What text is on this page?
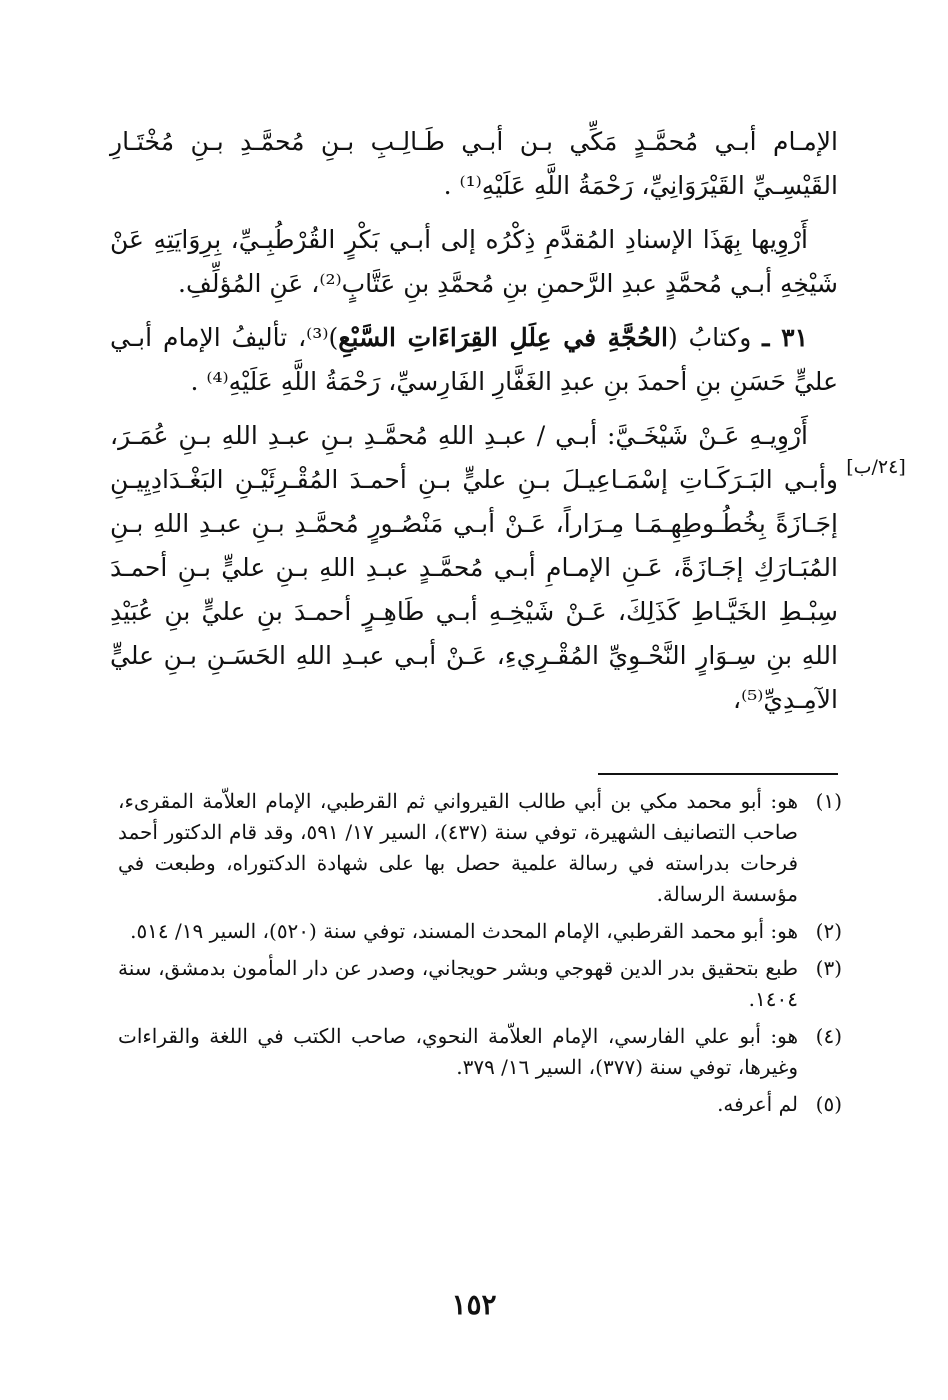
الإمـام أبـي مُحمَّـدٍ مَكِّي بـن أبـي طَـالِـبِ بـنِ مُحمَّـدِ بـنِ مُخْتَـارِ القَيْسِـيِّ القَيْرَوَانِيِّ، رَحْمَةُ اللَّهِ عَلَيْهِ⁽¹⁾ .

أَرْوِيها بِهَذَا الإسنادِ المُقدَّمِ ذِكْرُه إلى أبـي بَكْرٍ القُرْطُبِـيِّ، بِرِوَايَتِهِ عَنْ شَيْخِهِ أبـي مُحمَّدٍ عبدِ الرَّحمنِ بنِ مُحمَّدِ بنِ عَتَّابٍ⁽²⁾، عَنِ المُؤلِّفِ.

٣١ ـ وكتابُ (الحُجَّةِ في عِلَلِ القِرَاءَاتِ السَّبْعِ)⁽³⁾، تأليفُ الإمام أبـي عليٍّ حَسَنِ بنِ أحمدَ بنِ عبدِ الغَفَّارِ الفَارِسيِّ، رَحْمَةُ اللَّهِ عَلَيْهِ⁽⁴⁾ .

أَرْوِيـهِ عَـنْ شَيْخَـيَّ: أبـي / عبـدِ اللهِ مُحمَّـدِ بـنِ عبـدِ اللهِ بـنِ عُمَـرَ، وأبـي البَـرَكَـاتِ إسْمَـاعِيـلَ بـنِ عليٍّ بـنِ أحمـدَ المُقْـرِئَيْـنِ البَغْـدَادِيِيـنِ إجَـازَةً بِخُطُـوطِهِـمَـا مِـرَاراً، عَـنْ أبـي مَنْصُـورٍ مُحمَّـدِ بـنِ عبـدِ اللهِ بـنِ المُبَـارَكِ إجَـازَةً، عَـنِ الإمـامِ أبـي مُحمَّـدٍ عبـدِ اللهِ بـنِ عليٍّ بـنِ أحمـدَ سِبْـطِ الخَيَّـاطِ كَذَلِكَ، عَـنْ شَيْخِـهِ أبـي طَاهِـرٍ أحمـدَ بنِ عليٍّ بنِ عُبَيْدِ اللهِ بنِ سِـوَارٍ النَّحْـوِيِّ المُقْـرِيءِ، عَـنْ أبـي عبـدِ اللهِ الحَسَـنِ بـنِ عليٍّ الآمِـدِيِّ⁽⁵⁾،

[٢٤/ب]

(١)
هو: أبو محمد مكي بن أبي طالب القيرواني ثم القرطبي، الإمام العلاّمة المقرىء، صاحب التصانيف الشهيرة، توفي سنة (٤٣٧)، السير ١٧/ ٥٩١، وقد قام الدكتور أحمد فرحات بدراسته في رسالة علمية حصل بها على شهادة الدكتوراه، وطبعت في مؤسسة الرسالة.

(٢)
هو: أبو محمد القرطبي، الإمام المحدث المسند، توفي سنة (٥٢٠)، السير ١٩/ ٥١٤.

(٣)
طبع بتحقيق بدر الدين قهوجي وبشر حويجاني، وصدر عن دار المأمون بدمشق، سنة ١٤٠٤.

(٤)
هو: أبو علي الفارسي، الإمام العلاّمة النحوي، صاحب الكتب في اللغة والقراءات وغيرها، توفي سنة (٣٧٧)، السير ١٦/ ٣٧٩.

(٥)
لم أعرفه.

١٥٢
